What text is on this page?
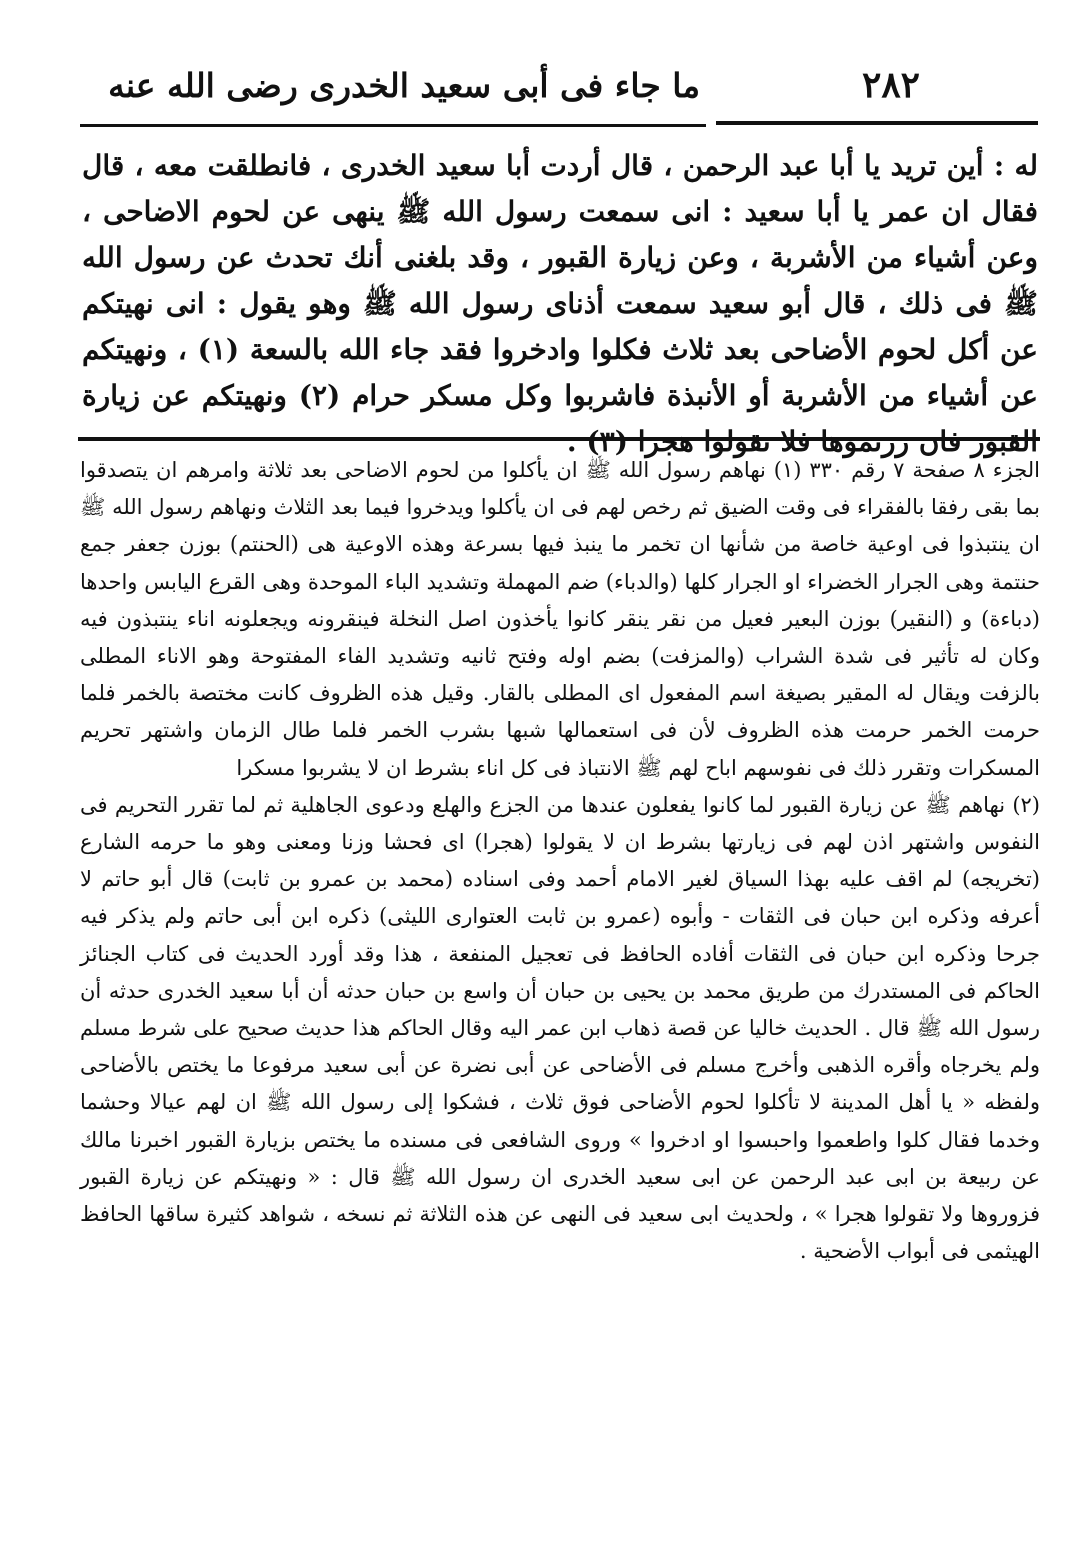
٢٨٢
ما جاء فى أبى سعيد الخدرى رضى الله عنه

له : أين تريد يا أبا عبد الرحمن ، قال أردت أبا سعيد الخدرى ، فانطلقت معه ، قال فقال ان عمر يا أبا سعيد : انى سمعت رسول الله ﷺ ينهى عن لحوم الاضاحى ، وعن أشياء من الأشربة ، وعن زيارة القبور ، وقد بلغنى أنك تحدث عن رسول الله ﷺ فى ذلك ، قال أبو سعيد سمعت أذناى رسول الله ﷺ وهو يقول : انى نهيتكم عن أكل لحوم الأضاحى بعد ثلاث فكلوا وادخروا فقد جاء الله بالسعة (١) ، ونهيتكم عن أشياء من الأشربة أو الأنبذة فاشربوا وكل مسكر حرام (٢) ونهيتكم عن زيارة القبور فان زرتموها فلا تقولوا هجرا (٣) .

الجزء ٨ صفحة ٧ رقم ٣٣٠ (١) نهاهم رسول الله ﷺ ان يأكلوا من لحوم الاضاحى بعد ثلاثة وامرهم ان يتصدقوا بما بقى رفقا بالفقراء فى وقت الضيق ثم رخص لهم فى ان يأكلوا ويدخروا فيما بعد الثلاث ونهاهم رسول الله ﷺ ان ينتبذوا فى اوعية خاصة من شأنها ان تخمر ما ينبذ فيها بسرعة وهذه الاوعية هى (الحنتم) بوزن جعفر جمع حنتمة وهى الجرار الخضراء او الجرار كلها (والدباء) ضم المهملة وتشديد الباء الموحدة وهى القرع اليابس واحدها (دباءة) و (النقير) بوزن البعير فعيل من نقر ينقر كانوا يأخذون اصل النخلة فينقرونه ويجعلونه اناء ينتبذون فيه وكان له تأثير فى شدة الشراب (والمزفت) بضم اوله وفتح ثانيه وتشديد الفاء المفتوحة وهو الاناء المطلى بالزفت ويقال له المقير بصيغة اسم المفعول اى المطلى بالقار. وقيل هذه الظروف كانت مختصة بالخمر فلما حرمت الخمر حرمت هذه الظروف لأن فى استعمالها شبها بشرب الخمر فلما طال الزمان واشتهر تحريم المسكرات وتقرر ذلك فى نفوسهم اباح لهم ﷺ الانتباذ فى كل اناء بشرط ان لا يشربوا مسكرا

(٢) نهاهم ﷺ عن زيارة القبور لما كانوا يفعلون عندها من الجزع والهلع ودعوى الجاهلية ثم لما تقرر التحريم فى النفوس واشتهر اذن لهم فى زيارتها بشرط ان لا يقولوا (هجرا) اى فحشا وزنا ومعنى وهو ما حرمه الشارع (تخريجه) لم اقف عليه بهذا السياق لغير الامام أحمد وفى اسناده (محمد بن عمرو بن ثابت) قال أبو حاتم لا أعرفه وذكره ابن حبان فى الثقات - وأبوه (عمرو بن ثابت العتوارى الليثى) ذكره ابن أبى حاتم ولم يذكر فيه جرحا وذكره ابن حبان فى الثقات أفاده الحافظ فى تعجيل المنفعة ، هذا وقد أورد الحديث فى كتاب الجنائز الحاكم فى المستدرك من طريق محمد بن يحيى بن حبان أن واسع بن حبان حدثه أن أبا سعيد الخدرى حدثه أن رسول الله ﷺ قال . الحديث خاليا عن قصة ذهاب ابن عمر اليه وقال الحاكم هذا حديث صحيح على شرط مسلم ولم يخرجاه وأقره الذهبى وأخرج مسلم فى الأضاحى عن أبى نضرة عن أبى سعيد مرفوعا ما يختص بالأضاحى ولفظه « يا أهل المدينة لا تأكلوا لحوم الأضاحى فوق ثلاث ، فشكوا إلى رسول الله ﷺ ان لهم عيالا وحشما وخدما فقال كلوا واطعموا واحبسوا او ادخروا » وروى الشافعى فى مسنده ما يختص بزيارة القبور اخبرنا مالك عن ربيعة بن ابى عبد الرحمن عن ابى سعيد الخدرى ان رسول الله ﷺ قال : « ونهيتكم عن زيارة القبور فزوروها ولا تقولوا هجرا » ، ولحديث ابى سعيد فى النهى عن هذه الثلاثة ثم نسخه ، شواهد كثيرة ساقها الحافظ الهيثمى فى أبواب الأضحية .
